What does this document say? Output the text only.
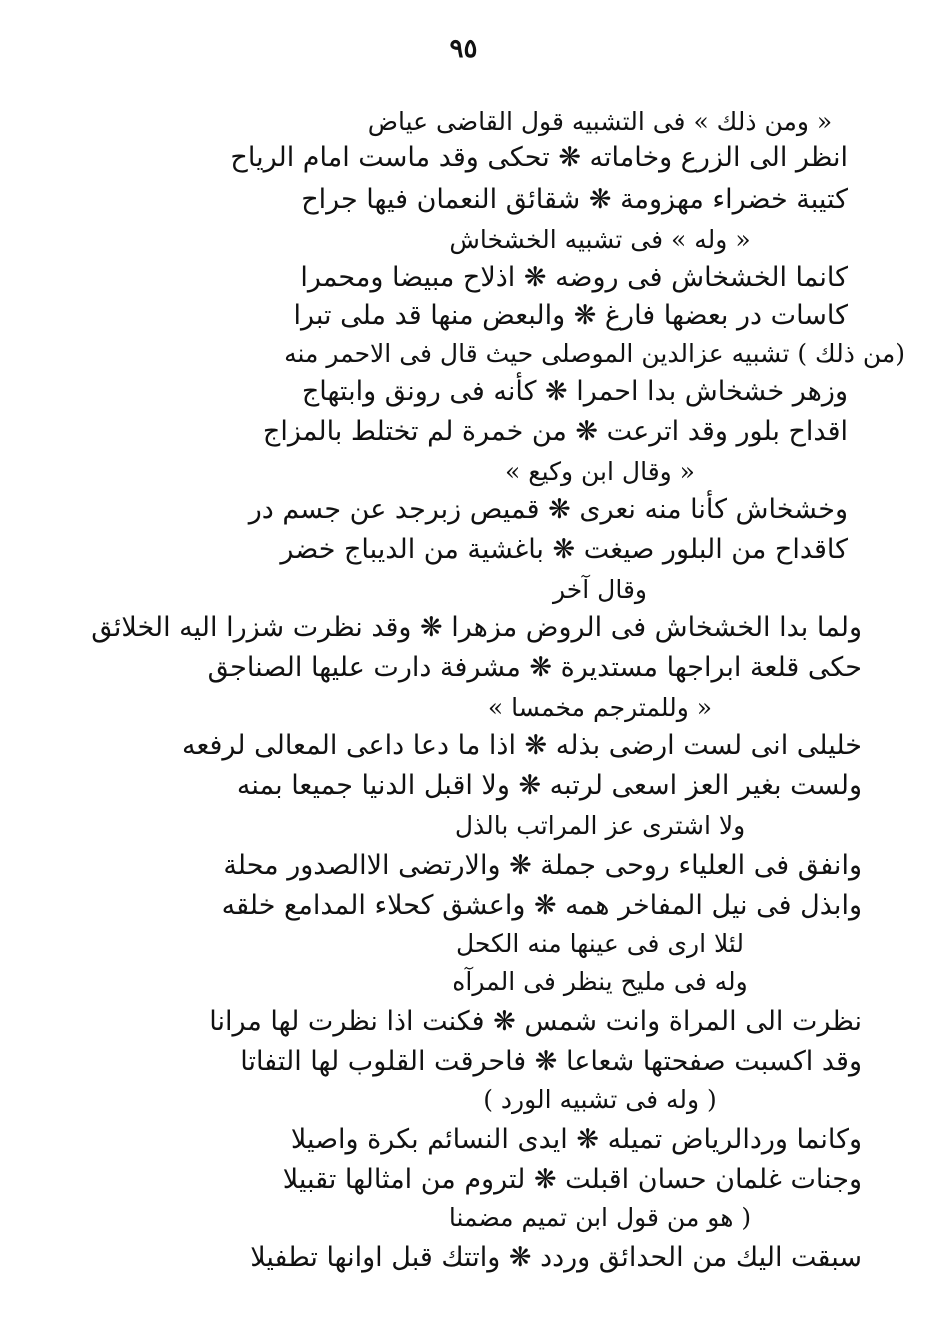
٩٥
« ومن ذلك » فى التشبيه قول القاضى عياض
انظر الى الزرع وخاماته ❋ تحكى وقد ماست امام الرياح
كتيبة خضراء مهزومة ❋ شقائق النعمان فيها جراح
« وله » فى تشبيه الخشخاش
كانما الخشخاش فى روضه ❋ اذلاح مبيضا ومحمرا
كاسات در بعضها فارغ ❋ والبعض منها قد ملى تبرا
(من ذلك ) تشبيه عزالدين الموصلى حيث قال فى الاحمر منه
وزهر خشخاش بدا احمرا ❋ كأنه فى رونق وابتهاج
اقداح بلور وقد اترعت ❋ من خمرة لم تختلط بالمزاج
« وقال ابن وكيع »
وخشخاش كأنا منه نعرى ❋ قميص زبرجد عن جسم در
كاقداح من البلور صيغت ❋ باغشية من الديباج خضر
وقال آخر
ولما بدا الخشخاش فى الروض مزهرا ❋ وقد نظرت شزرا اليه الخلائق
حكى قلعة ابراجها مستديرة ❋ مشرفة دارت عليها الصناجق
« وللمترجم مخمسا »
خليلى انى لست ارضى بذله ❋ اذا ما دعا داعى المعالى لرفعه
ولست بغير العز اسعى لرتبه ❋ ولا اقبل الدنيا جميعا بمنه
ولا اشترى عز المراتب بالذل
وانفق فى العلياء روحى جملة ❋ والارتضى الاالصدور محلة
وابذل فى نيل المفاخر همه ❋ واعشق كحلاء المدامع خلقه
لئلا ارى فى عينها منه الكحل
وله فى مليح ينظر فى المرآه
نظرت الى المراة وانت شمس ❋ فكنت اذا نظرت لها مرانا
وقد اكسبت صفحتها شعاعا ❋ فاحرقت القلوب لها التفاتا
( وله فى تشبيه الورد )
وكانما وردالرياض تميله ❋ ايدى النسائم بكرة واصيلا
وجنات غلمان حسان اقبلت ❋ لتروم من امثالها تقبيلا
( هو من قول ابن تميم مضمنا
سبقت اليك من الحدائق وردد ❋ واتتك قبل اوانها تطفيلا
